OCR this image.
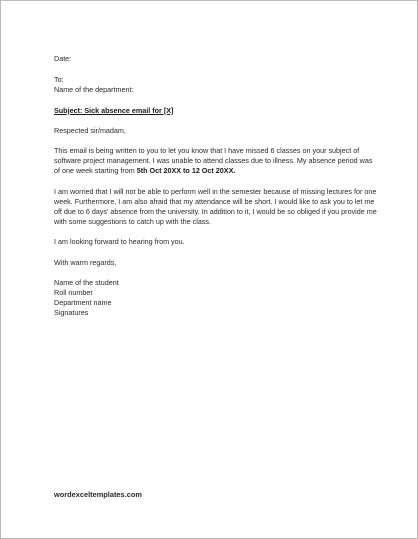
Date:
To:
Name of the department:
Subject: Sick absence email for [X]
Respected sir/madam,
This email is being written to you to let you know that I have missed 6 classes on your subject of software project management. I was unable to attend classes due to illness. My absence period was of one week starting from 5th Oct 20XX to 12 Oct 20XX.
I am worried that I will not be able to perform well in the semester because of missing lectures for one week. Furthermore, I am also afraid that my attendance will be short. I would like to ask you to let me off due to 6 days' absence from the university. In addition to it, I would be so obliged if you provide me with some suggestions to catch up with the class.
I am looking forward to hearing from you.
With warm regards,
Name of the student
Roll number
Department name
Signatures
wordexceltemplates.com
